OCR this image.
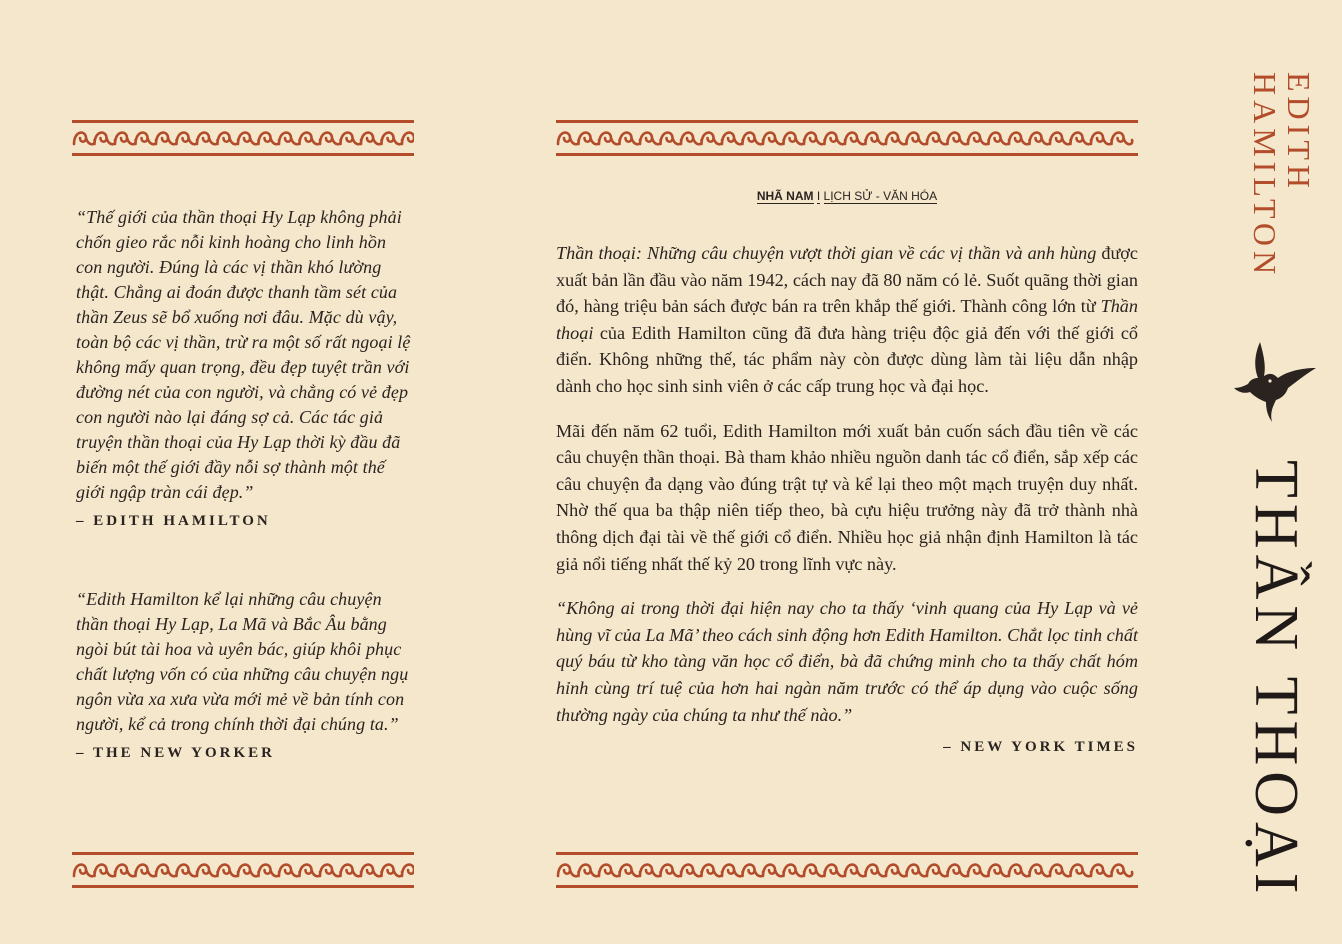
“Thế giới của thần thoại Hy Lạp không phải chốn gieo rắc nỗi kinh hoàng cho linh hồn con người. Đúng là các vị thần khó lường thật. Chẳng ai đoán được thanh tầm sét của thần Zeus sẽ bổ xuống nơi đâu. Mặc dù vậy, toàn bộ các vị thần, trừ ra một số rất ngoại lệ không mấy quan trọng, đều đẹp tuyệt trần với đường nét của con người, và chẳng có vẻ đẹp con người nào lại đáng sợ cả. Các tác giả truyện thần thoại của Hy Lạp thời kỳ đầu đã biến một thế giới đầy nỗi sợ thành một thế giới ngập tràn cái đẹp.”

– EDITH HAMILTON

“Edith Hamilton kể lại những câu chuyện thần thoại Hy Lạp, La Mã và Bắc Âu bằng ngòi bút tài hoa và uyên bác, giúp khôi phục chất lượng vốn có của những câu chuyện ngụ ngôn vừa xa xưa vừa mới mẻ về bản tính con người, kể cả trong chính thời đại chúng ta.”

– THE NEW YORKER
NHÃ NAM I LỊCH SỬ - VĂN HÓA

Thần thoại: Những câu chuyện vượt thời gian về các vị thần và anh hùng được xuất bản lần đầu vào năm 1942, cách nay đã 80 năm có lẻ. Suốt quãng thời gian đó, hàng triệu bản sách được bán ra trên khắp thế giới. Thành công lớn từ Thần thoại của Edith Hamilton cũng đã đưa hàng triệu độc giả đến với thế giới cổ điển. Không những thế, tác phẩm này còn được dùng làm tài liệu dẫn nhập dành cho học sinh sinh viên ở các cấp trung học và đại học.

Mãi đến năm 62 tuổi, Edith Hamilton mới xuất bản cuốn sách đầu tiên về các câu chuyện thần thoại. Bà tham khảo nhiều nguồn danh tác cổ điển, sắp xếp các câu chuyện đa dạng vào đúng trật tự và kể lại theo một mạch truyện duy nhất. Nhờ thế qua ba thập niên tiếp theo, bà cựu hiệu trưởng này đã trở thành nhà thông dịch đại tài về thế giới cổ điển. Nhiều học giả nhận định Hamilton là tác giả nổi tiếng nhất thế kỷ 20 trong lĩnh vực này.

“Không ai trong thời đại hiện nay cho ta thấy ‘vinh quang của Hy Lạp và vẻ hùng vĩ của La Mã’ theo cách sinh động hơn Edith Hamilton. Chắt lọc tinh chất quý báu từ kho tàng văn học cổ điển, bà đã chứng minh cho ta thấy chất hóm hỉnh cùng trí tuệ của hơn hai ngàn năm trước có thể áp dụng vào cuộc sống thường ngày của chúng ta như thế nào.”

– NEW YORK TIMES
EDITH
HAMILTON
THẦN THOẠI
